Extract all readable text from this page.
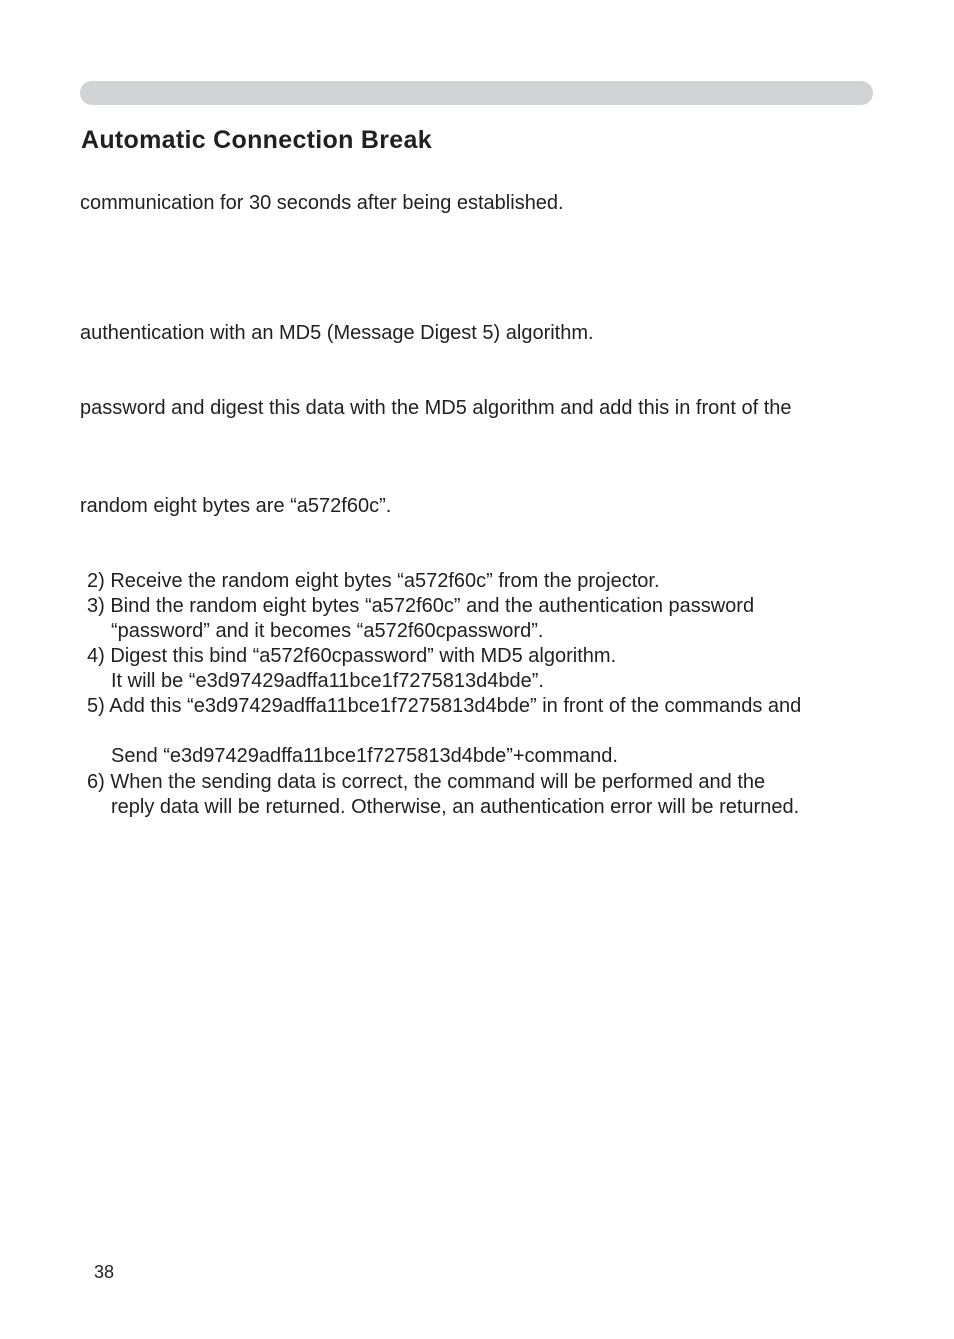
Automatic Connection Break
communication for 30 seconds after being established.
authentication with an MD5 (Message Digest 5) algorithm.
password and digest this data with the MD5 algorithm and add this in front of the
random eight bytes are “a572f60c”.
2) Receive the random eight bytes “a572f60c” from the projector.
3) Bind the random eight bytes “a572f60c” and the authentication password
“password” and it becomes “a572f60cpassword”.
4) Digest this bind “a572f60cpassword” with MD5 algorithm.
It will be “e3d97429adffa11bce1f7275813d4bde”.
5) Add this “e3d97429adffa11bce1f7275813d4bde” in front of the commands and
Send “e3d97429adffa11bce1f7275813d4bde”+command.
6) When the sending data is correct, the command will be performed and the
reply data will be returned. Otherwise, an authentication error will be returned.
38
